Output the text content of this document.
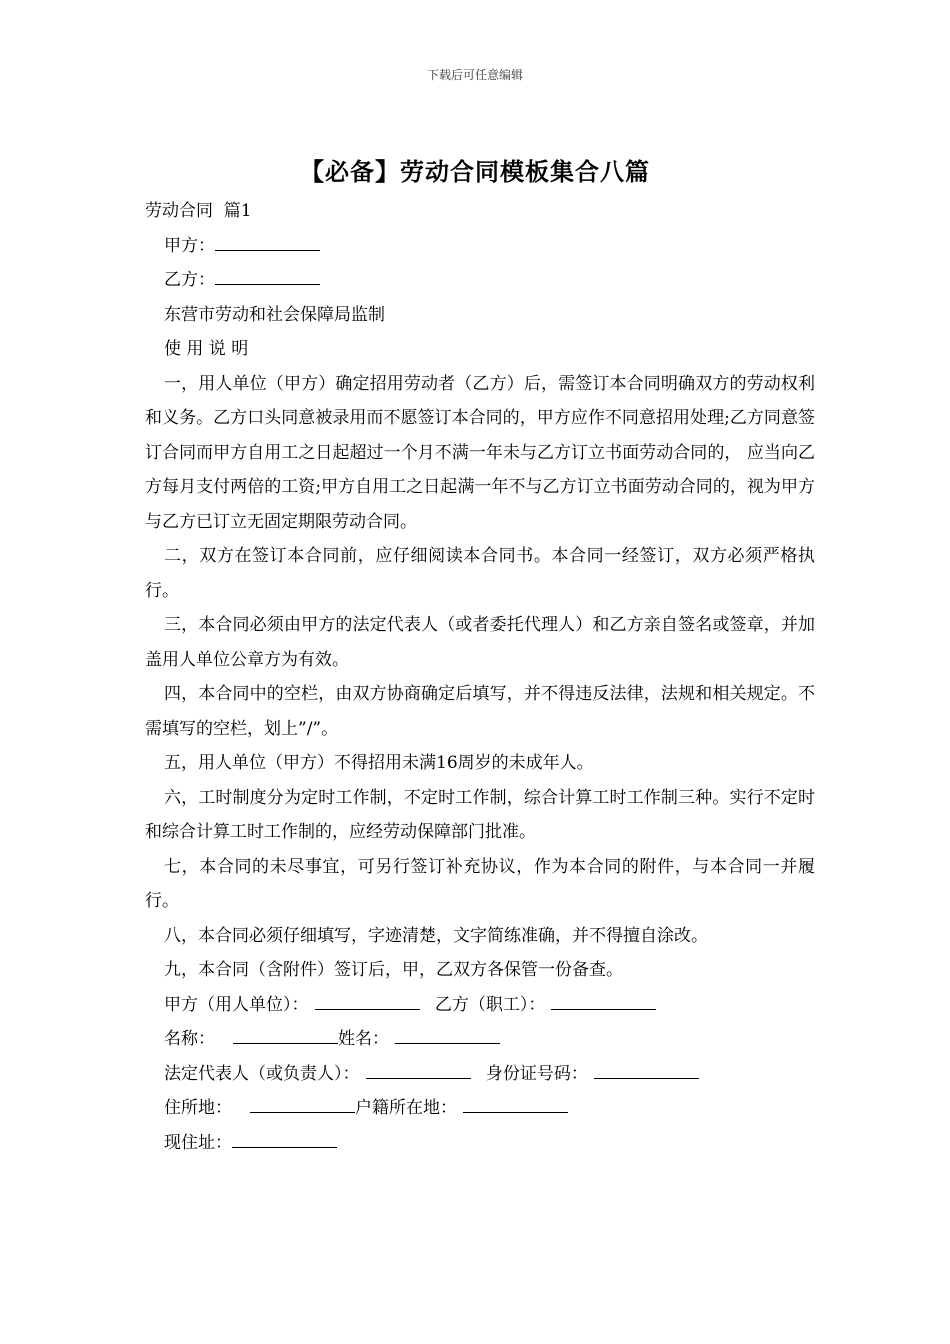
下载后可任意编辑
【必备】劳动合同模板集合八篇
劳动合同  篇1
甲方：
乙方：
东营市劳动和社会保障局监制
使 用 说 明

一，用人单位（甲方）确定招用劳动者（乙方）后，需签订本合同明确双方的劳动权利和义务。乙方口头同意被录用而不愿签订本合同的，甲方应作不同意招用处理;乙方同意签订合同而甲方自用工之日起超过一个月不满一年未与乙方订立书面劳动合同的， 应当向乙方每月支付两倍的工资;甲方自用工之日起满一年不与乙方订立书面劳动合同的，视为甲方与乙方已订立无固定期限劳动合同。

二，双方在签订本合同前，应仔细阅读本合同书。本合同一经签订，双方必须严格执行。

三，本合同必须由甲方的法定代表人（或者委托代理人）和乙方亲自签名或签章，并加盖用人单位公章方为有效。

四，本合同中的空栏，由双方协商确定后填写，并不得违反法律，法规和相关规定。不需填写的空栏，划上”/”。

五，用人单位（甲方）不得招用未满16周岁的未成年人。

六，工时制度分为定时工作制，不定时工作制，综合计算工时工作制三种。实行不定时和综合计算工时工作制的，应经劳动保障部门批准。

七，本合同的未尽事宜，可另行签订补充协议，作为本合同的附件，与本合同一并履行。

八，本合同必须仔细填写，字迹清楚，文字简练准确，并不得擅自涂改。

九，本合同（含附件）签订后，甲，乙双方各保管一份备查。

甲方（用人单位）：	乙方（职工）：
名称：	姓名：
法定代表人（或负责人）：	身份证号码：
住所地：	户籍所在地：
现住址：
